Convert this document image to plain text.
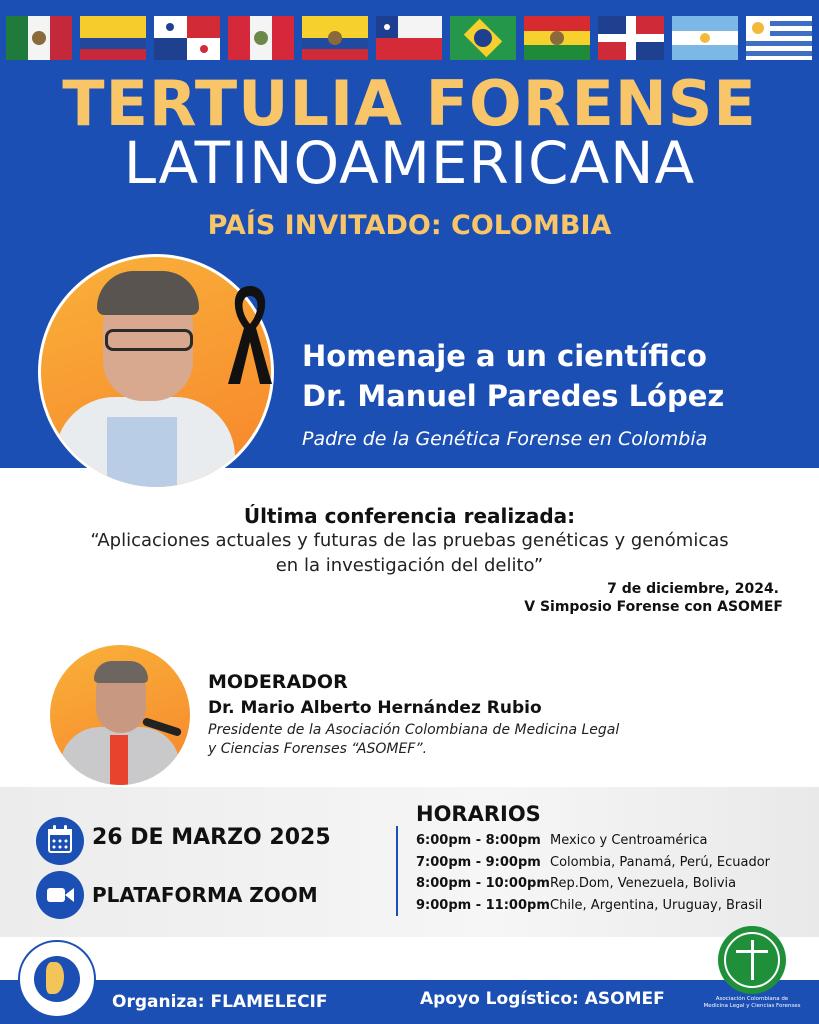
TERTULIA FORENSE
LATINOAMERICANA
PAÍS INVITADO: COLOMBIA
Homenaje a un científico
Dr. Manuel Paredes López
Padre de la Genética Forense en Colombia
Última conferencia realizada:
“Aplicaciones actuales y futuras de las pruebas genéticas y genómicas
en la investigación del delito”
7 de diciembre, 2024.
V Simposio Forense con ASOMEF
MODERADOR
Dr. Mario Alberto Hernández Rubio
Presidente de la Asociación Colombiana de Medicina Legal
y Ciencias Forenses “ASOMEF”.
26 DE MARZO 2025
PLATAFORMA ZOOM
HORARIOS
6:00pm - 8:00pm Mexico y Centroamérica
7:00pm - 9:00pm Colombia, Panamá, Perú, Ecuador
8:00pm - 10:00pm Rep.Dom, Venezuela, Bolivia
9:00pm - 11:00pm Chile, Argentina, Uruguay, Brasil
Organiza: FLAMELECIF	Apoyo Logístico: ASOMEF	Asociación Colombiana de
Medicina Legal y Ciencias Forenses
